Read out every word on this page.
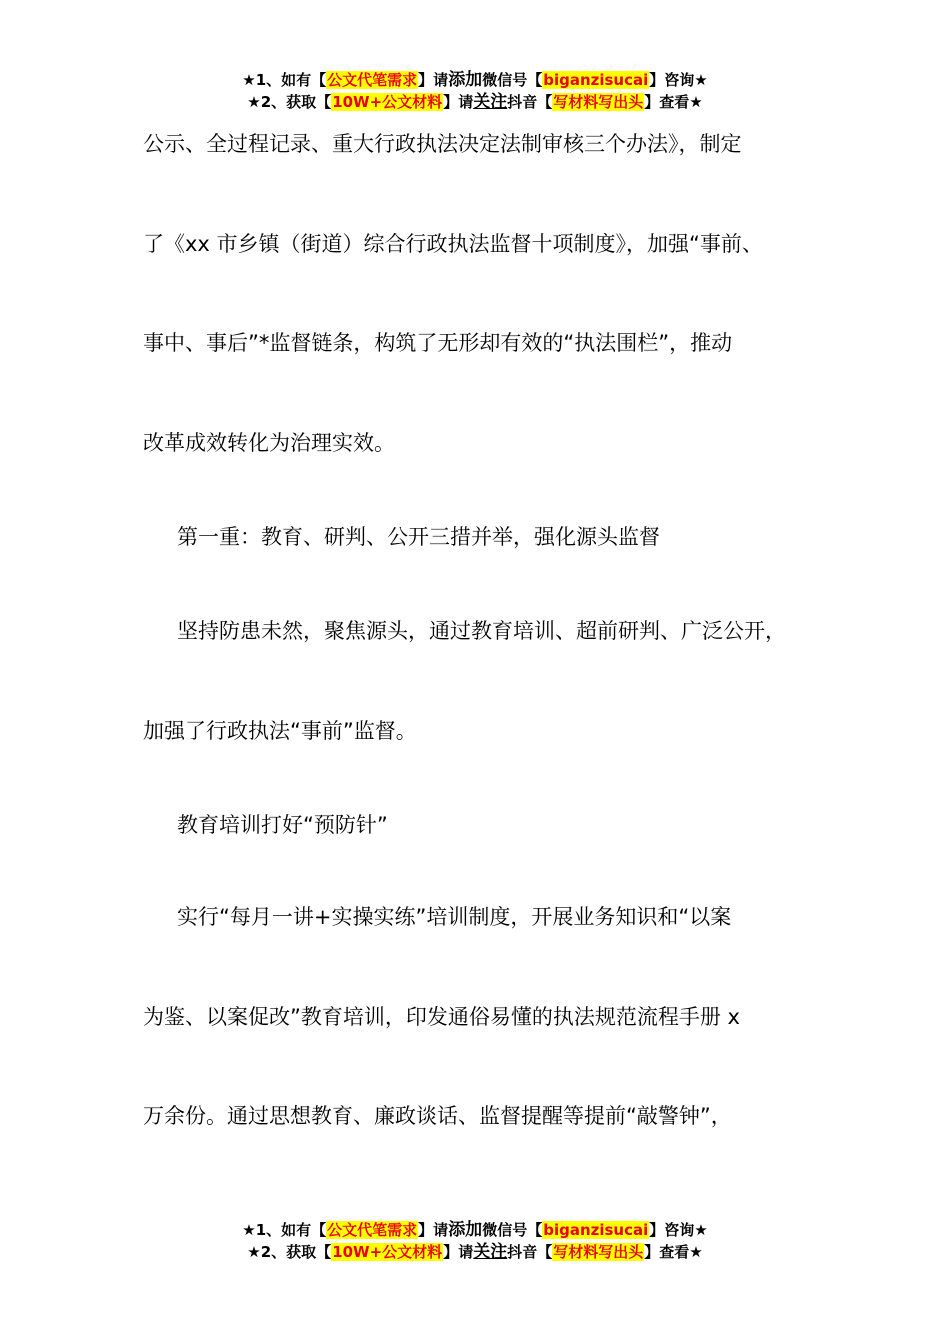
★1、如有【公文代笔需求】请添加微信号【biganzisucai】咨询★
★2、获取【10W+公文材料】请关注抖音【写材料写出头】查看★
公示、全过程记录、重大行政执法决定法制审核三个办法》，制定
了《xx 市乡镇（街道）综合行政执法监督十项制度》，加强“事前、
事中、事后”*监督链条，构筑了无形却有效的“执法围栏”，推动
改革成效转化为治理实效。
第一重：教育、研判、公开三措并举，强化源头监督
坚持防患未然，聚焦源头，通过教育培训、超前研判、广泛公开，
加强了行政执法“事前”监督。
教育培训打好“预防针”
实行“每月一讲+实操实练”培训制度，开展业务知识和“以案
为鉴、以案促改”教育培训，印发通俗易懂的执法规范流程手册 x
万余份。通过思想教育、廉政谈话、监督提醒等提前“敲警钟”，
★1、如有【公文代笔需求】请添加微信号【biganzisucai】咨询★
★2、获取【10W+公文材料】请关注抖音【写材料写出头】查看★
